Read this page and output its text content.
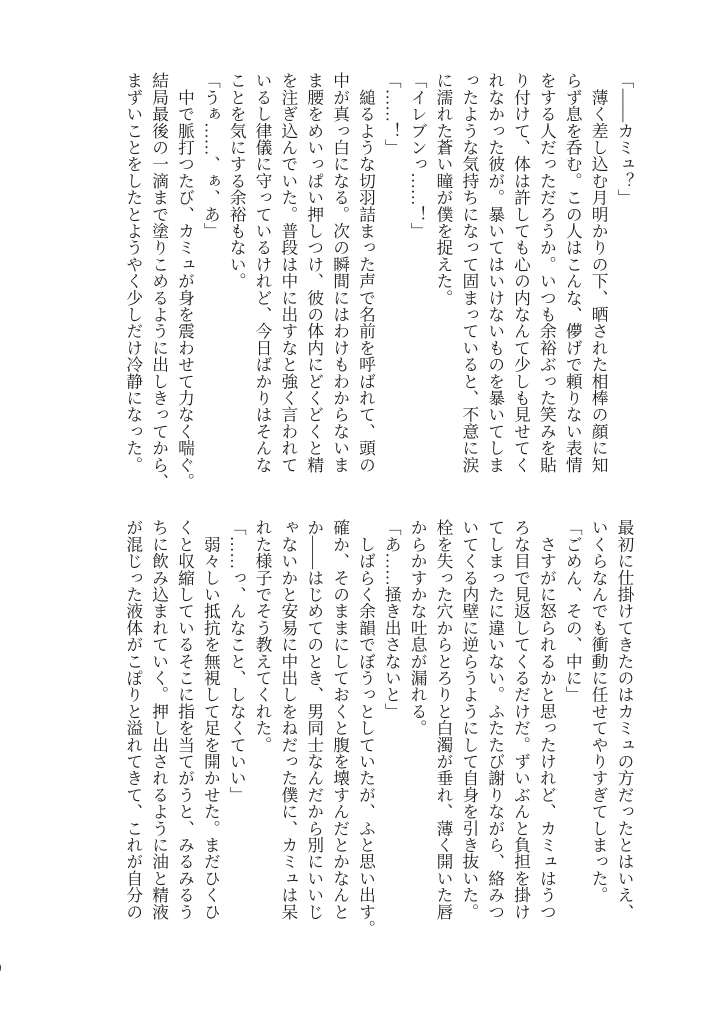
「――カミュ？」
　薄く差し込む月明かりの下、晒された相棒の顔に知
らず息を呑む。この人はこんな、儚げで頼りない表情
をする人だっただろうか。いつも余裕ぶった笑みを貼
り付けて、体は許しても心の内なんて少しも見せてく
れなかった彼が。暴いてはいけないものを暴いてしま
ったような気持ちになって固まっていると、不意に涙
に濡れた蒼い瞳が僕を捉えた。
「イレブンっ……！」
「……！」
　縋るような切羽詰まった声で名前を呼ばれて、頭の
中が真っ白になる。次の瞬間にはわけもわからないま
ま腰をめいっぱい押しつけ、彼の体内にどくどくと精
を注ぎ込んでいた。普段は中に出すなと強く言われて
いるし律儀に守っているけれど、今日ばかりはそんな
ことを気にする余裕もない。
「うぁ……、ぁ、あ」
　中で脈打つたび、カミュが身を震わせて力なく喘ぐ。
結局最後の一滴まで塗りこめるように出しきってから、
まずいことをしたとようやく少しだけ冷静になった。
最初に仕掛けてきたのはカミュの方だったとはいえ、
いくらなんでも衝動に任せてやりすぎてしまった。
「ごめん、その、中に」
　さすがに怒られるかと思ったけれど、カミュはうつ
ろな目で見返してくるだけだ。ずいぶんと負担を掛け
てしまったに違いない。ふたたび謝りながら、絡みつ
いてくる内壁に逆らうようにして自身を引き抜いた。
栓を失った穴からとろりと白濁が垂れ、薄く開いた唇
からかすかな吐息が漏れる。
「あ……掻き出さないと」
　しばらく余韻でぼうっとしていたが、ふと思い出す。
確か、そのままにしておくと腹を壊すんだとかなんと
か――はじめてのとき、男同士なんだから別にいいじ
ゃないかと安易に中出しをねだった僕に、カミュは呆
れた様子でそう教えてくれた。
「……っ、んなこと、しなくていい」
　弱々しい抵抗を無視して足を開かせた。まだひくひ
くと収縮しているそこに指を当てがうと、みるみるう
ちに飲み込まれていく。押し出されるように油と精液
が混じった液体がこぽりと溢れてきて、これが自分の
